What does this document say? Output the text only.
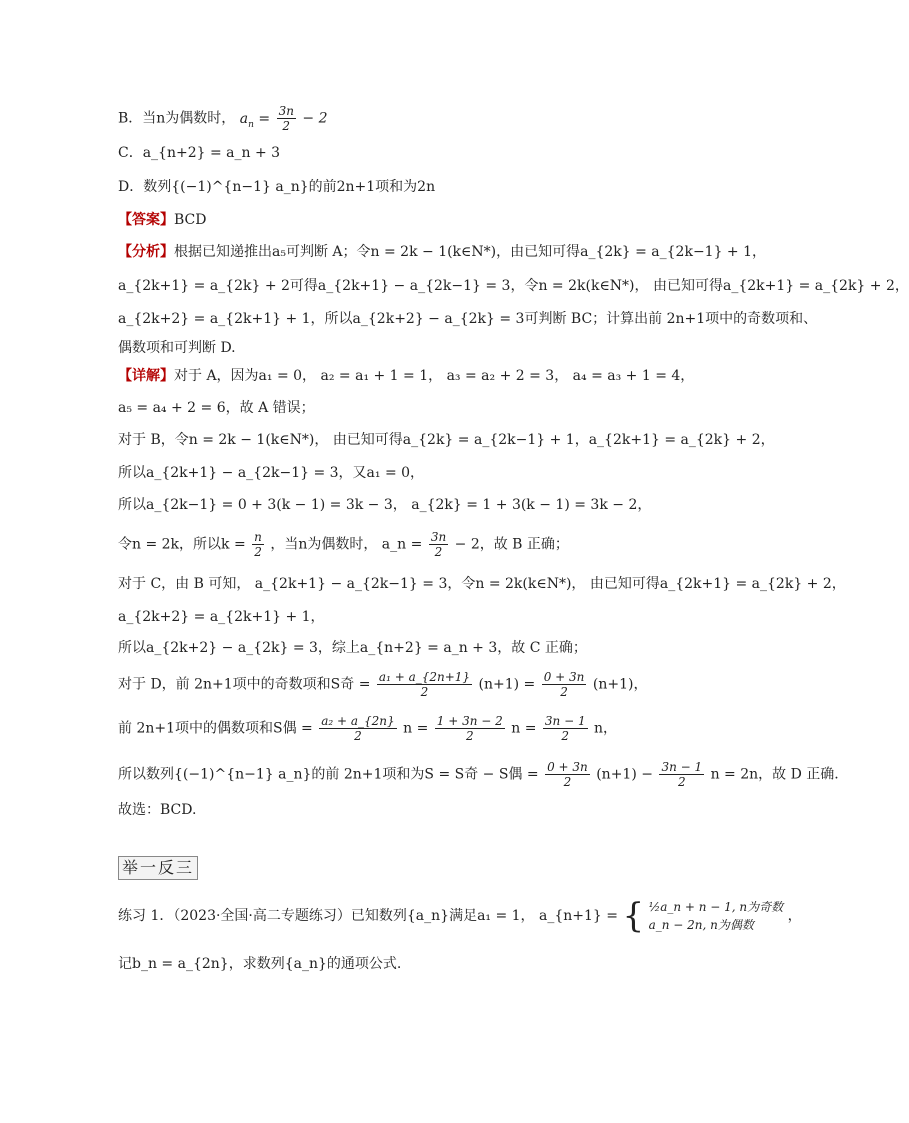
B．当n为偶数时， $a_n = \frac{3n}{2} - 2$
C．a_{n+2} = a_n + 3
D．数列{(−1)^{n−1} a_n}的前2n+1项和为2n
【答案】BCD
【分析】根据已知递推出a₅可判断 A；令n = 2k − 1(k∈N*)，由已知可得a_{2k} = a_{2k−1} + 1，
a_{2k+1} = a_{2k} + 2可得a_{2k+1} − a_{2k−1} = 3，令n = 2k(k∈N*)， 由已知可得a_{2k+1} = a_{2k} + 2，
a_{2k+2} = a_{2k+1} + 1，所以a_{2k+2} − a_{2k} = 3可判断 BC；计算出前 2n+1项中的奇数项和、
偶数项和可判断 D.
【详解】对于 A，因为a₁ = 0， a₂ = a₁ + 1 = 1， a₃ = a₂ + 2 = 3， a₄ = a₃ + 1 = 4，
a₅ = a₄ + 2 = 6，故 A 错误；
对于 B，令n = 2k − 1(k∈N*)， 由已知可得a_{2k} = a_{2k−1} + 1，a_{2k+1} = a_{2k} + 2，
所以a_{2k+1} − a_{2k−1} = 3，又a₁ = 0，
所以a_{2k−1} = 0 + 3(k − 1) = 3k − 3， a_{2k} = 1 + 3(k − 1) = 3k − 2，
令n = 2k，所以$k = \frac{n}{2}$ ，当n为偶数时， a_n = $\frac{3n}{2} - 2$，故 B 正确；
对于 C，由 B 可知， a_{2k+1} − a_{2k−1} = 3，令n = 2k(k∈N*)， 由已知可得a_{2k+1} = a_{2k} + 2，
a_{2k+2} = a_{2k+1} + 1，
所以a_{2k+2} − a_{2k} = 3，综上a_{n+2} = a_n + 3，故 C 正确；
对于 D，前 2n+1项中的奇数项和S奇 = $\frac{\text{a₁ + a\_\{2n+1\}}}{2} (n+1) = \frac{0 + 3n}{2} (n+1)$，
前 2n+1项中的偶数项和S偶 = $\frac{\text{a₂ + a\_\{2n\}}}{2}$ $n = \frac{1 + 3n - 2}{2}$ $n = \frac{3n - 1}{2}$ n，
所以数列{(−1)^{n−1} a_n}的前 2n+1项和为S = S奇 − S偶 = $\frac{0 + 3n}{2} (n+1) - \frac{3n - 1}{2}$ n = 2n，故 D 正确.
故选：BCD.
举一反三
练习 1．（2023·全国·高二专题练习）已知数列{a_n}满足a₁ = 1， a_{n+1} = { ½a_n + n − 1, n为奇数
a_n − 2n, n为偶数
，
记b_n = a_{2n}，求数列{a_n}的通项公式.
